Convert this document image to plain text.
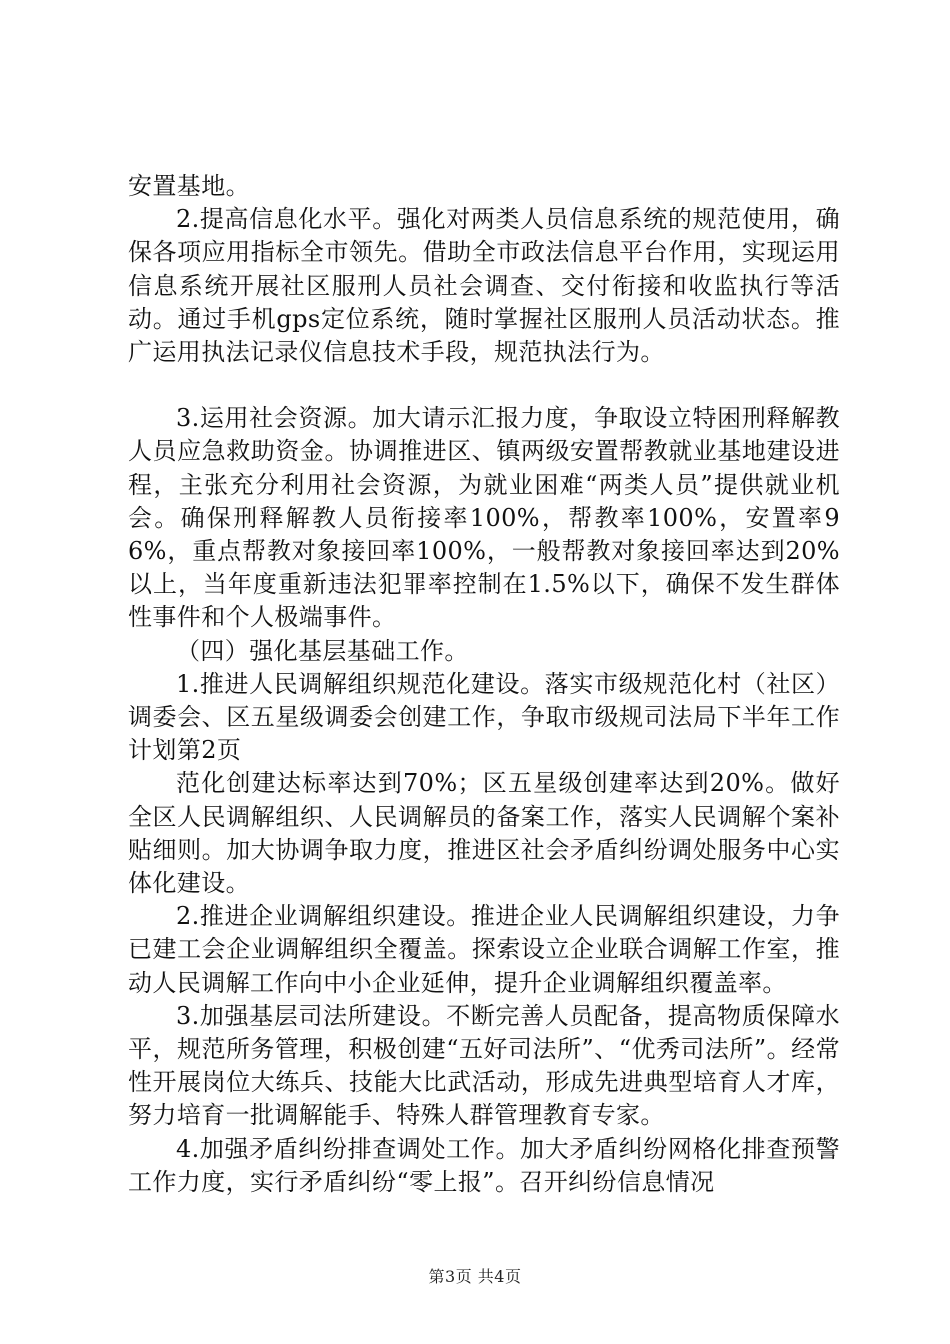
安置基地。

2.提高信息化水平。强化对两类人员信息系统的规范使用，确保各项应用指标全市领先。借助全市政法信息平台作用，实现运用信息系统开展社区服刑人员社会调查、交付衔接和收监执行等活动。通过手机gps定位系统，随时掌握社区服刑人员活动状态。推广运用执法记录仪信息技术手段，规范执法行为。

3.运用社会资源。加大请示汇报力度，争取设立特困刑释解教人员应急救助资金。协调推进区、镇两级安置帮教就业基地建设进程，主张充分利用社会资源，为就业困难“两类人员”提供就业机会。确保刑释解教人员衔接率100%，帮教率100%，安置率96%，重点帮教对象接回率100%，一般帮教对象接回率达到20%以上，当年度重新违法犯罪率控制在1.5%以下，确保不发生群体性事件和个人极端事件。

（四）强化基层基础工作。

1.推进人民调解组织规范化建设。落实市级规范化村（社区）调委会、区五星级调委会创建工作，争取市级规司法局下半年工作计划第2页

范化创建达标率达到70%；区五星级创建率达到20%。做好全区人民调解组织、人民调解员的备案工作，落实人民调解个案补贴细则。加大协调争取力度，推进区社会矛盾纠纷调处服务中心实体化建设。

2.推进企业调解组织建设。推进企业人民调解组织建设，力争已建工会企业调解组织全覆盖。探索设立企业联合调解工作室，推动人民调解工作向中小企业延伸，提升企业调解组织覆盖率。

3.加强基层司法所建设。不断完善人员配备，提高物质保障水平，规范所务管理，积极创建“五好司法所”、“优秀司法所”。经常性开展岗位大练兵、技能大比武活动，形成先进典型培育人才库，努力培育一批调解能手、特殊人群管理教育专家。

4.加强矛盾纠纷排查调处工作。加大矛盾纠纷网格化排查预警工作力度，实行矛盾纠纷“零上报”。召开纠纷信息情况

第3页 共4页
